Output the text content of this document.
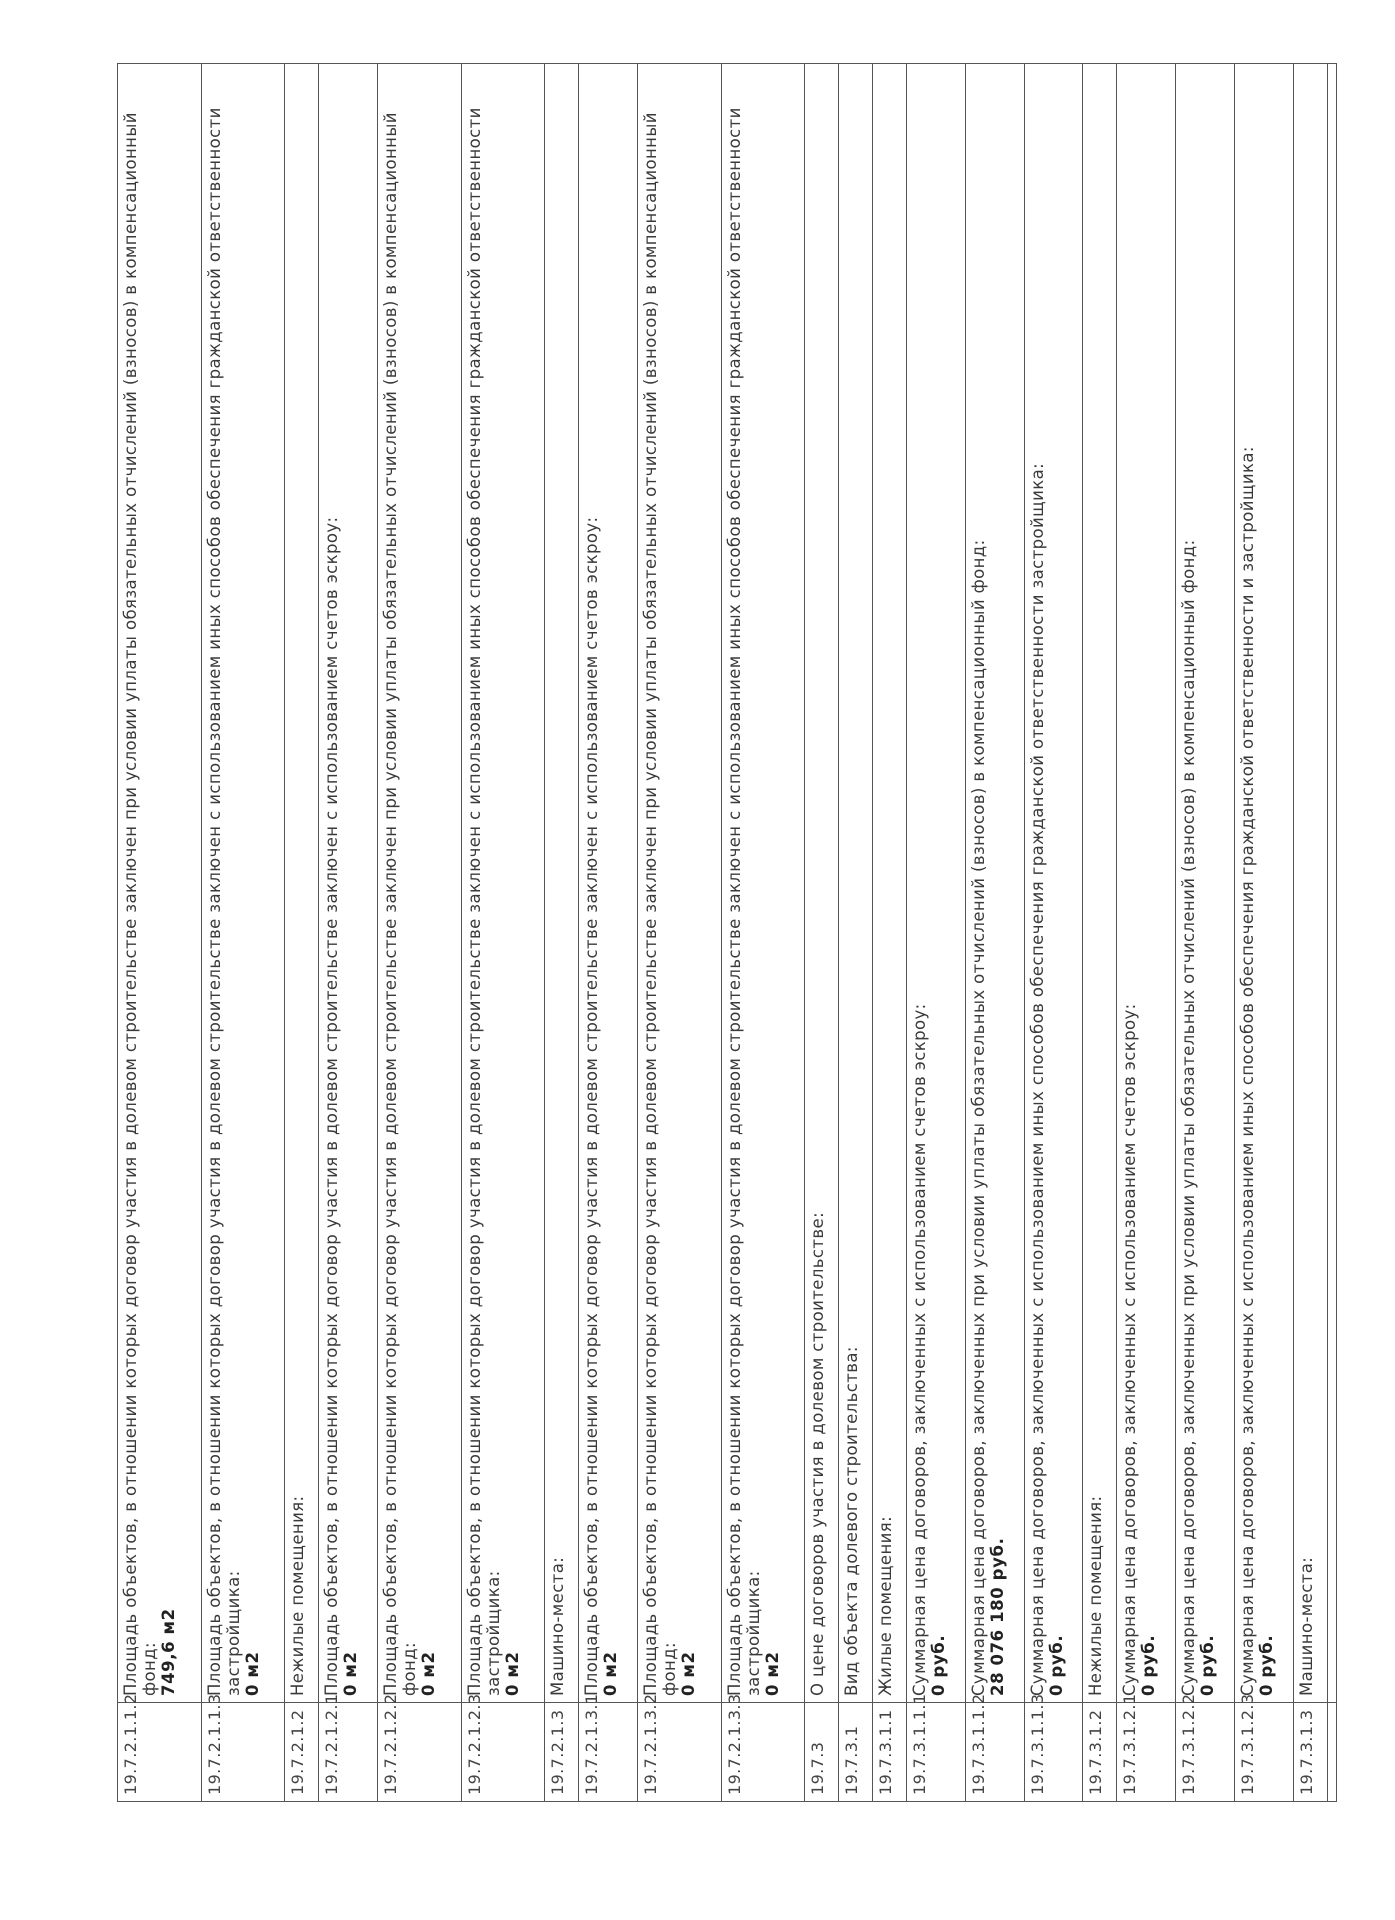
19.7.2.1.1.2	Площадь объектов, в отношении которых договор участия в долевом строительстве заключен при условии уплаты обязательных отчислений (взносов) в компенсационный фонд: 749,6 м2

19.7.2.1.1.3	Площадь объектов, в отношении которых договор участия в долевом строительстве заключен с использованием иных способов обеспечения гражданской ответственности застройщика: 0 м2

19.7.2.1.2	Нежилые помещения:
19.7.2.1.2.1	Площадь объектов, в отношении которых договор участия в долевом строительстве заключен с использованием счетов эскроу: 0 м2

19.7.2.1.2.2	Площадь объектов, в отношении которых договор участия в долевом строительстве заключен при условии уплаты обязательных отчислений (взносов) в компенсационный фонд: 0 м2

19.7.2.1.2.3	Площадь объектов, в отношении которых договор участия в долевом строительстве заключен с использованием иных способов обеспечения гражданской ответственности застройщика: 0 м2

19.7.2.1.3	Машино-места:
19.7.2.1.3.1	Площадь объектов, в отношении которых договор участия в долевом строительстве заключен с использованием счетов эскроу: 0 м2

19.7.2.1.3.2	Площадь объектов, в отношении которых договор участия в долевом строительстве заключен при условии уплаты обязательных отчислений (взносов) в компенсационный фонд: 0 м2

19.7.2.1.3.3	Площадь объектов, в отношении которых договор участия в долевом строительстве заключен с использованием иных способов обеспечения гражданской ответственности застройщика: 0 м2

19.7.3	О цене договоров участия в долевом строительстве:
19.7.3.1	Вид объекта долевого строительства:
19.7.3.1.1	Жилые помещения:
19.7.3.1.1.1	Суммарная цена договоров, заключенных с использованием счетов эскроу: 0 руб.

19.7.3.1.1.2	Суммарная цена договоров, заключенных при условии уплаты обязательных отчислений (взносов) в компенсационный фонд: 28 076 180 руб.

19.7.3.1.1.3	Суммарная цена договоров, заключенных с использованием иных способов обеспечения гражданской ответственности застройщика: 0 руб.

19.7.3.1.2	Нежилые помещения:
19.7.3.1.2.1	Суммарная цена договоров, заключенных с использованием счетов эскроу: 0 руб.

19.7.3.1.2.2	Суммарная цена договоров, заключенных при условии уплаты обязательных отчислений (взносов) в компенсационный фонд: 0 руб.

19.7.3.1.2.3	Суммарная цена договоров, заключенных с использованием иных способов обеспечения гражданской ответственности и застройщика: 0 руб.

19.7.3.1.3	Машино-места:
